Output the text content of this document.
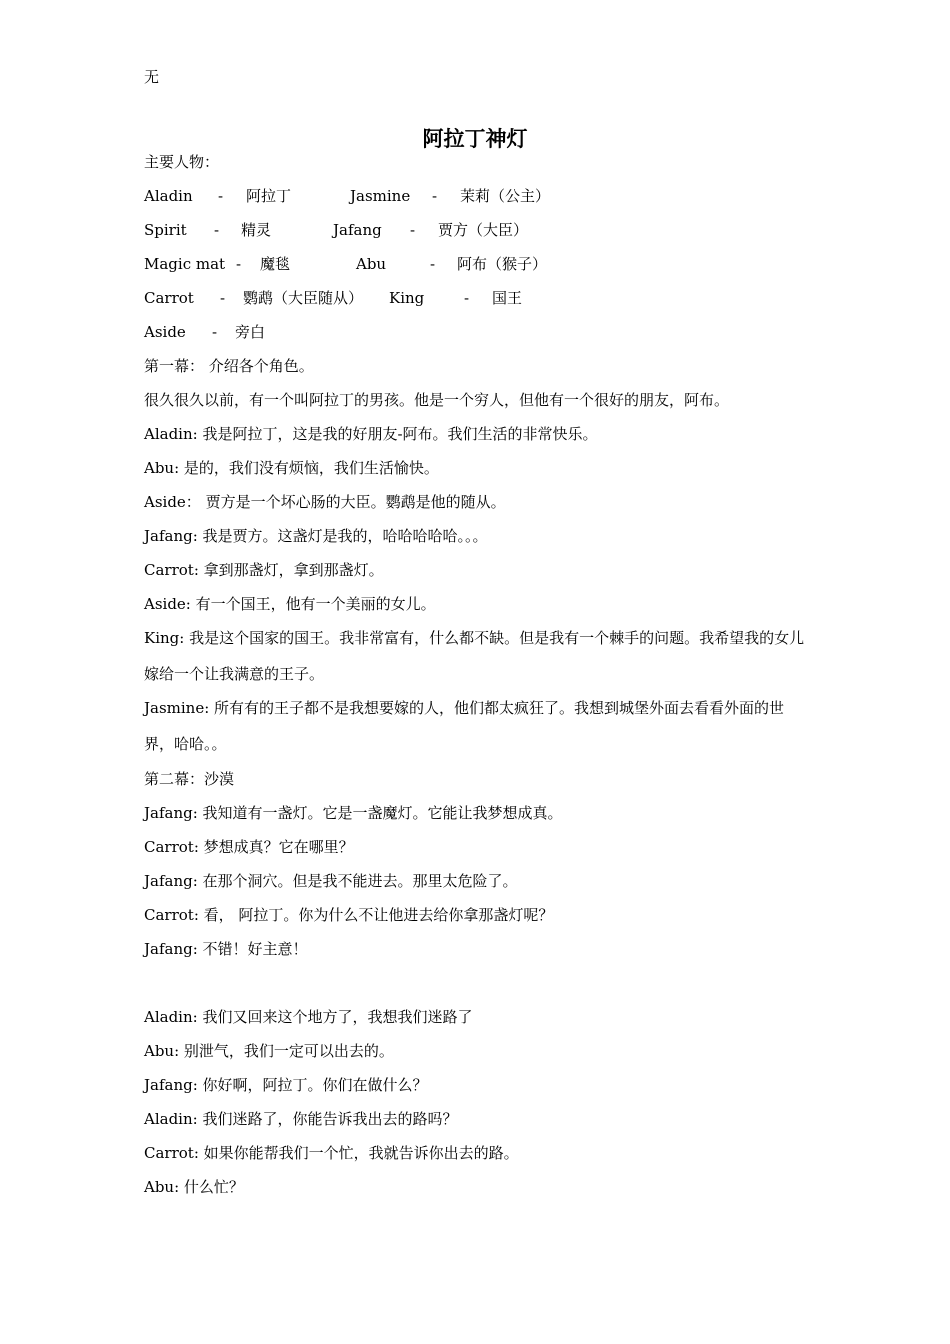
无
阿拉丁神灯
主要人物：
Aladin - 阿拉丁	Jasmine - 茉莉（公主）
Spirit - 精灵	Jafang - 贾方（大臣）
Magic mat - 魔毯	Abu	- 阿布（猴子）
Carrot - 鹦鹉（大臣随从） King	- 国王
Aside - 旁白
第一幕： 介绍各个角色。
很久很久以前，有一个叫阿拉丁的男孩。他是一个穷人，但他有一个很好的朋友，阿布。
Aladin: 我是阿拉丁，这是我的好朋友-阿布。我们生活的非常快乐。
Abu: 是的，我们没有烦恼，我们生活愉快。
Aside： 贾方是一个坏心肠的大臣。鹦鹉是他的随从。
Jafang: 我是贾方。这盏灯是我的，哈哈哈哈哈。。。
Carrot: 拿到那盏灯，拿到那盏灯。
Aside: 有一个国王，他有一个美丽的女儿。
King: 我是这个国家的国王。我非常富有，什么都不缺。但是我有一个棘手的问题。我希望我的女儿嫁给一个让我满意的王子。
Jasmine: 所有有的王子都不是我想要嫁的人，他们都太疯狂了。我想到城堡外面去看看外面的世界，哈哈。。
第二幕：沙漠
Jafang: 我知道有一盏灯。它是一盏魔灯。它能让我梦想成真。
Carrot: 梦想成真？它在哪里？
Jafang: 在那个洞穴。但是我不能进去。那里太危险了。
Carrot: 看， 阿拉丁。你为什么不让他进去给你拿那盏灯呢？
Jafang: 不错！好主意！
Aladin: 我们又回来这个地方了，我想我们迷路了
Abu: 别泄气，我们一定可以出去的。
Jafang: 你好啊，阿拉丁。你们在做什么？
Aladin: 我们迷路了，你能告诉我出去的路吗？
Carrot: 如果你能帮我们一个忙，我就告诉你出去的路。
Abu: 什么忙？
